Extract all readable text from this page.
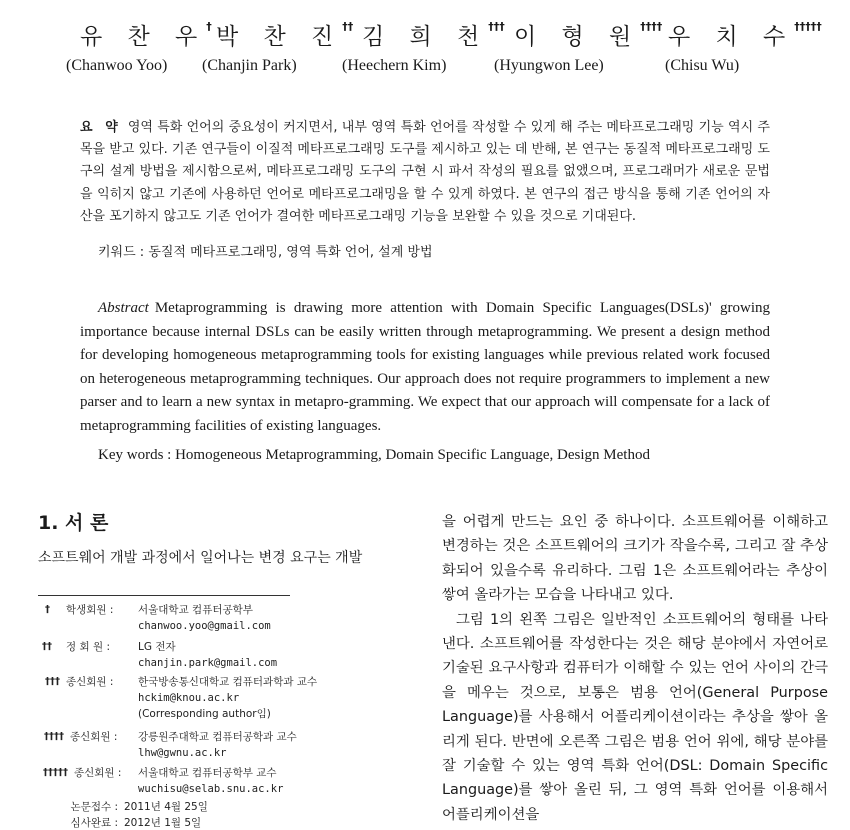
유 찬 우† 박 찬 진†† 김 희 천††† 이 형 원†††† 우 치 수†††††
(Chanwoo Yoo) (Chanjin Park)	(Heechern Kim)	(Hyungwon Lee)	(Chisu Wu)
요 약 영역 특화 언어의 중요성이 커지면서, 내부 영역 특화 언어를 작성할 수 있게 해 주는 메타프로그래밍 기능 역시 주목을 받고 있다. 기존 연구들이 이질적 메타프로그래밍 도구를 제시하고 있는 데 반해, 본 연구는 동질적 메타프로그래밍 도구의 설계 방법을 제시함으로써, 메타프로그래밍 도구의 구현 시 파서 작성의 필요를 없앴으며, 프로그래머가 새로운 문법을 익히지 않고 기존에 사용하던 언어로 메타프로그래밍을 할 수 있게 하였다. 본 연구의 접근 방식을 통해 기존 언어의 자산을 포기하지 않고도 기존 언어가 결여한 메타프로그래밍 기능을 보완할 수 있을 것으로 기대된다.
키워드 : 동질적 메타프로그래밍, 영역 특화 언어, 설계 방법
Abstract Metaprogramming is drawing more attention with Domain Specific Languages(DSLs)' growing importance because internal DSLs can be easily written through metaprogramming. We present a design method for developing homogeneous metaprogramming tools for existing languages while previous related work focused on heterogeneous metaprogramming techniques. Our approach does not require programmers to implement a new parser and to learn a new syntax in metapro-gramming. We expect that our approach will compensate for a lack of metaprogramming facilities of existing languages.
Key words : Homogeneous Metaprogramming, Domain Specific Language, Design Method
1. 서 론
소프트웨어 개발 과정에서 일어나는 변경 요구는 개발
† 학생회원 :	서울대학교 컴퓨터공학부
chanwoo.yoo@gmail.com
†† 정 회 원 :	LG 전자
chanjin.park@gmail.com
††† 종신회원 :	한국방송통신대학교 컴퓨터과학과 교수
hckim@knou.ac.kr
(Corresponding author임)
†††† 종신회원 :	강릉원주대학교 컴퓨터공학과 교수
lhw@gwnu.ac.kr
††††† 종신회원 :	서울대학교 컴퓨터공학부 교수
wuchisu@selab.snu.ac.kr
논문접수 : 2011년 4월 25일
심사완료 : 2012년 1월 5일

을 어렵게 만드는 요인 중 하나이다. 소프트웨어를 이해하고 변경하는 것은 소프트웨어의 크기가 작을수록, 그리고 잘 추상화되어 있을수록 유리하다. 그림 1은 소프트웨어라는 추상이 쌓여 올라가는 모습을 나타내고 있다.

그림 1의 왼쪽 그림은 일반적인 소프트웨어의 형태를 나타낸다. 소프트웨어를 작성한다는 것은 해당 분야에서 자연어로 기술된 요구사항과 컴퓨터가 이해할 수 있는 언어 사이의 간극을 메우는 것으로, 보통은 범용 언어(General Purpose Language)를 사용해서 어플리케이션이라는 추상을 쌓아 올리게 된다. 반면에 오른쪽 그림은 범용 언어 위에, 해당 분야를 잘 기술할 수 있는 영역 특화 언어(DSL: Domain Specific Language)를 쌓아 올린 뒤, 그 영역 특화 언어를 이용해서 어플리케이션을
